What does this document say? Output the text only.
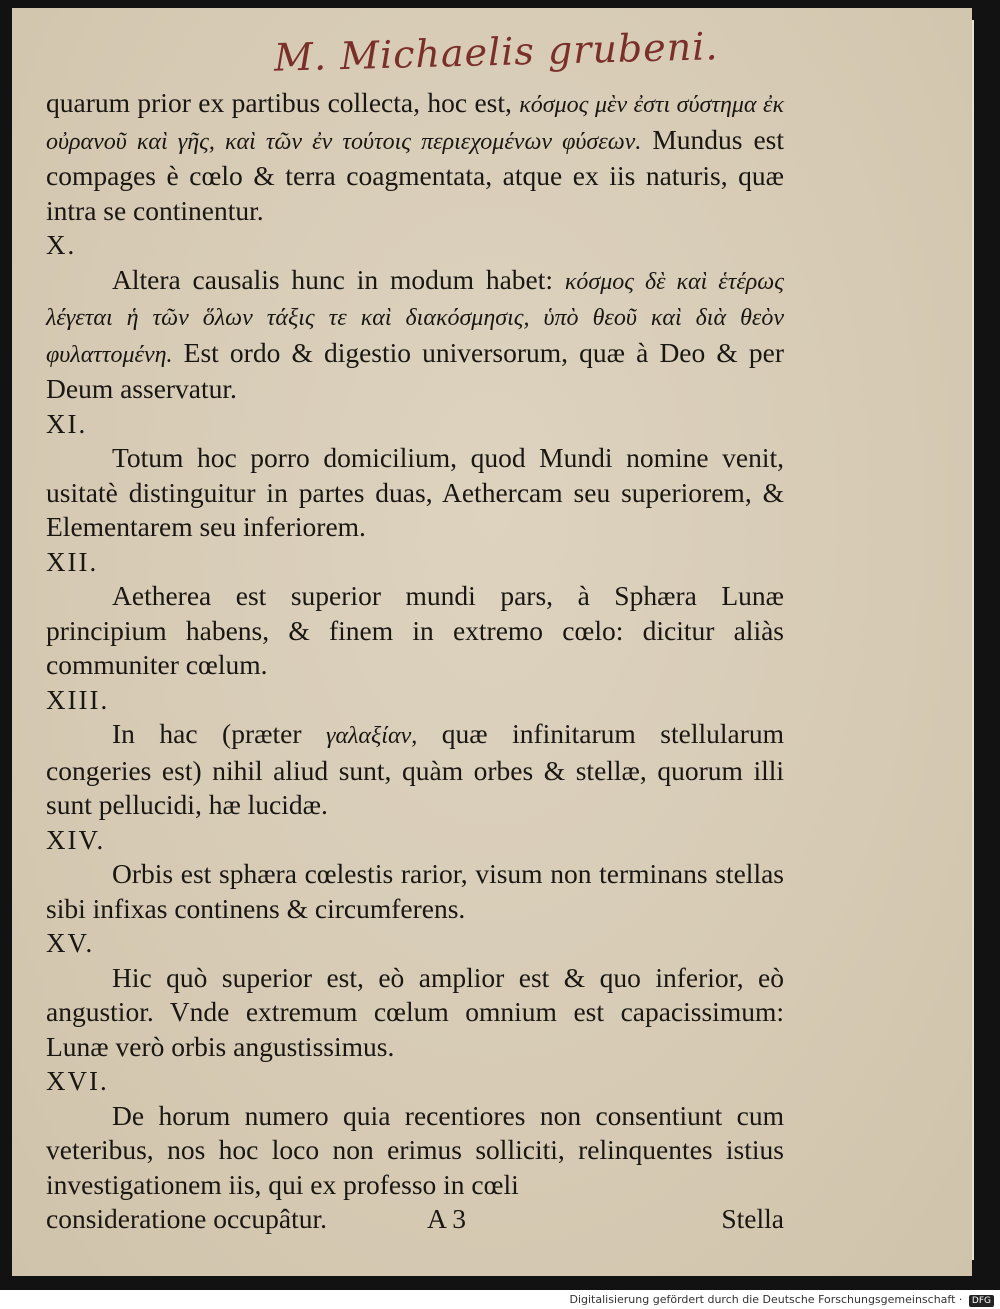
M. Michaelis grubeni.

quarum prior ex partibus collecta, hoc est, κόσμος μὲν ἐστι σύστημα ἐκ οὐρανοῦ καὶ γῆς, καὶ τῶν ἐν τούτοις περιεχομένων φύσεων. Mundus est compages è cœlo & terra coagmentata, atque ex iis naturis, quæ intra se continentur.

X.

Altera causalis hunc in modum habet: κόσμος δὲ καὶ ἑτέρως λέγεται ἡ τῶν ὅλων τάξις τε καὶ διακόσμησις, ὑπὸ θεοῦ καὶ διὰ θεὸν φυλαττομένη. Est ordo & digestio universorum, quæ à Deo & per Deum asservatur.

XI.

Totum hoc porro domicilium, quod Mundi nomine venit, usitatè distinguitur in partes duas, Aethercam seu superiorem, & Elementarem seu inferiorem.

XII.

Aetherea est superior mundi pars, à Sphæra Lunæ principium habens, & finem in extremo cœlo: dicitur aliàs communiter cœlum.

XIII.

In hac (præter γαλαξίαν, quæ infinitarum stellularum congeries est) nihil aliud sunt, quàm orbes & stellæ, quorum illi sunt pellucidi, hæ lucidæ.

XIV.

Orbis est sphæra cœlestis rarior, visum non terminans stellas sibi infixas continens & circumferens.

XV.

Hic quò superior est, eò amplior est & quo inferior, eò angustior. Vnde extremum cœlum omnium est capacissimum: Lunæ verò orbis angustissimus.

XVI.

De horum numero quia recentiores non consentiunt cum veteribus, nos hoc loco non erimus solliciti, relinquentes istius investigationem iis, qui ex professo in cœli

consideratione occupâtur.	A 3	Stella
Digitalisierung gefördert durch die Deutsche Forschungsgemeinschaft · DFG
